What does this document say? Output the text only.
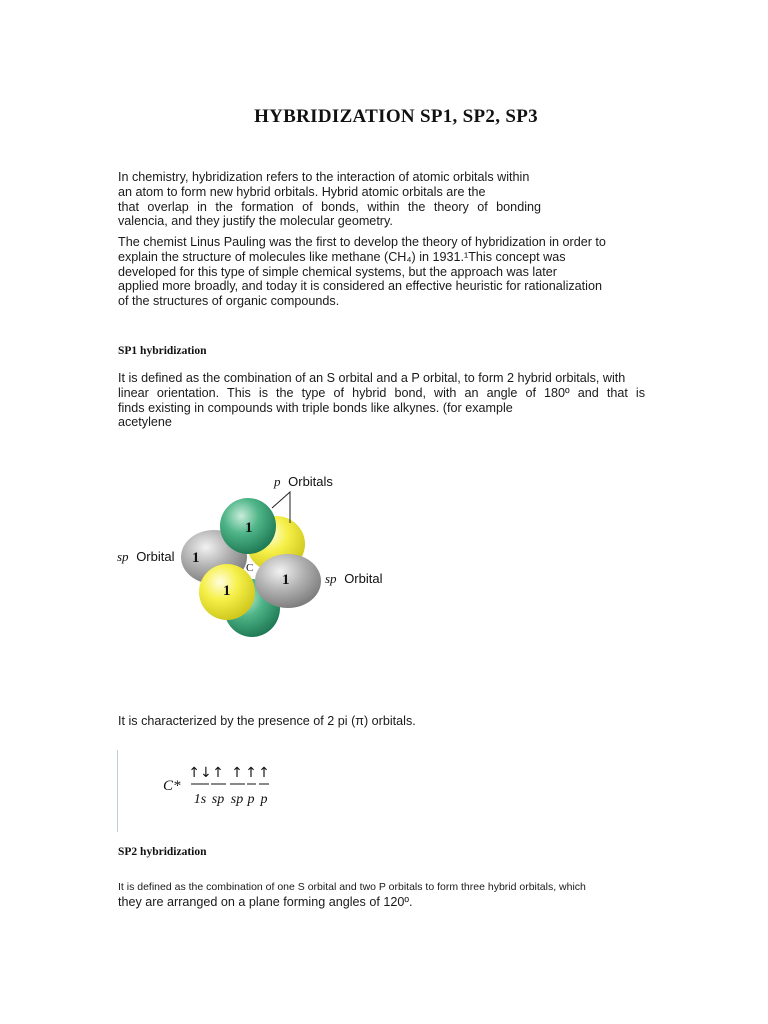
HYBRIDIZATION SP1, SP2, SP3
In chemistry, hybridization refers to the interaction of atomic orbitals within
an atom to form new hybrid orbitals. Hybrid atomic orbitals are the
that overlap in the formation of bonds, within the theory of bonding
valencia, and they justify the molecular geometry.
The chemist Linus Pauling was the first to develop the theory of hybridization in order to
explain the structure of molecules like methane (CH₄) in 1931.¹This concept was
developed for this type of simple chemical systems, but the approach was later
applied more broadly, and today it is considered an effective heuristic for rationalization
of the structures of organic compounds.
SP1 hybridization
It is defined as the combination of an S orbital and a P orbital, to form 2 hybrid orbitals, with
linear orientation. This is the type of hybrid bond, with an angle of 180º and that is
finds existing in compounds with triple bonds like alkynes. (for example
acetylene
1
1
1
1
C
p Orbitals
sp Orbital
sp Orbital
It is characterized by the presence of 2 pi (π) orbitals.
C*
↑↓
1s
↑
sp
↑
sp
↑
p
↑
p
SP2 hybridization
It is defined as the combination of one S orbital and two P orbitals to form three hybrid orbitals, which
they are arranged on a plane forming angles of 120º.
